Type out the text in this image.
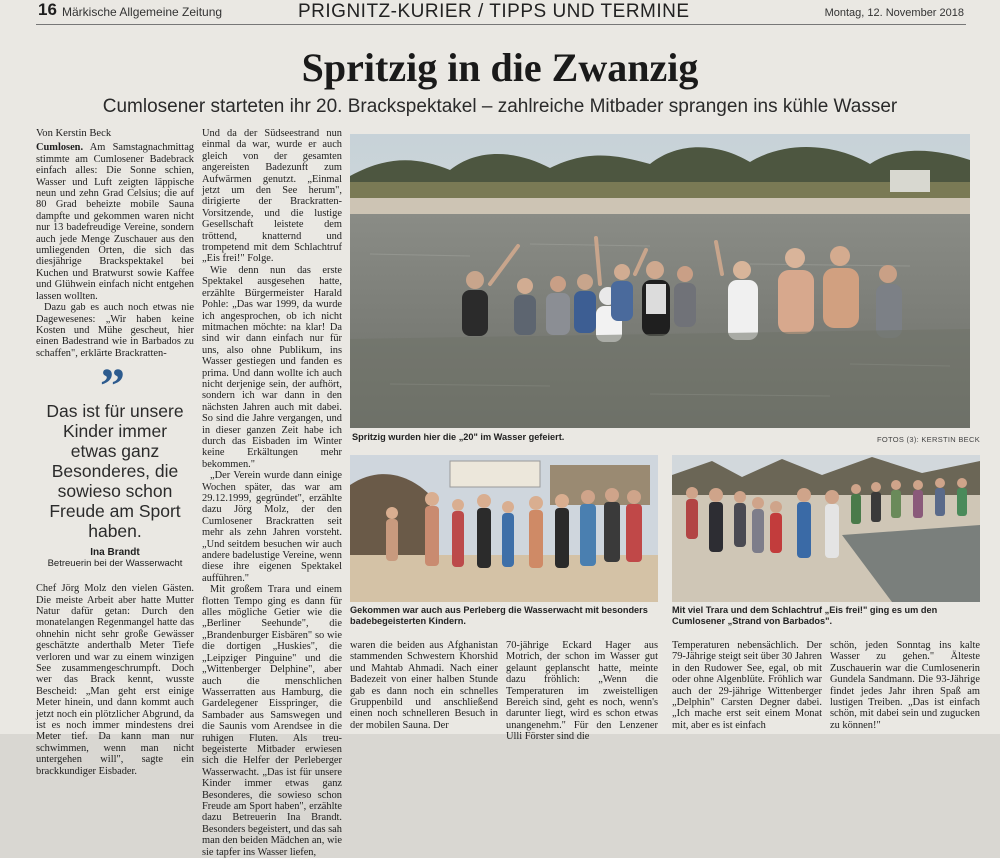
16 Märkische Allgemeine Zeitung	PRIGNITZ-KURIER / TIPPS UND TERMINE	Montag, 12. November 2018
Spritzig in die Zwanzig
Cumlosener starteten ihr 20. Brackspektakel – zahlreiche Mitbader sprangen ins kühle Wasser
Von Kerstin Beck

Cumlosen. Am Samstagnachmittag stimmte am Cumlosener Badebrack einfach alles: Die Sonne schien, Wasser und Luft zeigten läppische neun und zehn Grad Celsius; die auf 80 Grad beheizte mobile Sauna dampfte und gekommen waren nicht nur 13 badefreudige Vereine, sondern auch jede Menge Zuschauer aus den umliegenden Orten, die sich das diesjährige Brackspektakel bei Kuchen und Bratwurst sowie Kaffee und Glühwein einfach nicht entgehen lassen wollten.

Dazu gab es auch noch etwas nie Dagewesenes: „Wir haben keine Kosten und Mühe gescheut, hier einen Badestrand wie in Barbados zu schaffen", erklärte Brackratten-

”
Das ist für unsere Kinder immer etwas ganz Besonderes, die sowieso schon Freude am Sport haben.
Ina Brandt
Betreuerin bei der Wasserwacht

Chef Jörg Molz den vielen Gästen. Die meiste Arbeit aber hatte Mutter Natur dafür getan: Durch den monatelangen Regenmangel hatte das ohnehin nicht sehr große Gewässer geschätzte anderthalb Meter Tiefe verloren und war zu einem winzigen See zusammengeschrumpft. Doch wer das Brack kennt, wusste Bescheid: „Man geht erst einige Meter hinein, und dann kommt auch jetzt noch ein plötzlicher Abgrund, da ist es noch immer mindestens drei Meter tief. Da kann man nur schwimmen, wenn man nicht untergehen will", sagte ein brackkundiger Eisbader.

Und da der Südseestrand nun einmal da war, wurde er auch gleich von der gesamten angereisten Badezunft zum Aufwärmen genutzt. „Einmal jetzt um den See herum", dirigierte der Brackratten-Vorsitzende, und die lustige Gesellschaft leistete dem tröttend, knatternd und trompetend mit dem Schlachtruf „Eis frei!" Folge.

Wie denn nun das erste Spektakel ausgesehen hatte, erzählte Bürgermeister Harald Pohle: „Das war 1999, da wurde ich angesprochen, ob ich nicht mitmachen möchte: na klar! Da sind wir dann einfach nur für uns, also ohne Publikum, ins Wasser gestiegen und fanden es prima. Und dann wollte ich auch nicht derjenige sein, der aufhört, sondern ich war dann in den nächsten Jahren auch mit dabei. So sind die Jahre vergangen, und in dieser ganzen Zeit habe ich durch das Eisbaden im Winter keine Erkältungen mehr bekommen."

„Der Verein wurde dann einige Wochen später, das war am 29.12.1999, gegründet", erzählte dazu Jörg Molz, der den Cumlosener Brackratten seit mehr als zehn Jahren vorsteht. „Und seitdem besuchen wir auch andere badelustige Vereine, wenn diese ihre eigenen Spektakel aufführen."

Mit großem Trara und einem flotten Tempo ging es dann für alles mögliche Getier wie die „Berliner Seehunde", die „Brandenburger Eisbären" so wie die dortigen „Huskies", die „Leipziger Pinguine" und die „Wittenberger Delphine", aber auch die menschlichen Wasserratten aus Hamburg, die Gardelegener Eisspringer, die Sambader aus Samswegen und die Saunis vom Arendsee in die ruhigen Fluten. Als treu-begeisterte Mitbader erwiesen sich die Helfer der Perleberger Wasserwacht. „Das ist für unsere Kinder immer etwas ganz Besonderes, die sowieso schon Freude am Sport haben", erzählte dazu Betreuerin Ina Brandt. Besonders begeistert, und das sah man den beiden Mädchen an, wie sie tapfer ins Wasser liefen,

Spritzig wurden hier die „20" im Wasser gefeiert.	FOTOS (3): KERSTIN BECK
Gekommen war auch aus Perleberg die Wasserwacht mit besonders badebegeisterten Kindern.
Mit viel Trara und dem Schlachtruf „Eis frei!" ging es um den Cumlosener „Strand von Barbados".

waren die beiden aus Afghanistan stammenden Schwestern Khorshid und Mahtab Ahmadi. Nach einer Badezeit von einer halben Stunde gab es dann noch ein schnelles Gruppenbild und anschließend einen noch schnelleren Besuch in der mobilen Sauna. Der

70-jährige Eckard Hager aus Motrich, der schon im Wasser gut gelaunt geplanscht hatte, meinte dazu fröhlich: „Wenn die Temperaturen im zweistelligen Bereich sind, geht es noch, wenn's darunter liegt, wird es schon etwas unangenehm." Für den Lenzener Ulli Förster sind die

Temperaturen nebensächlich. Der 79-Jährige steigt seit über 30 Jahren in den Rudower See, egal, ob mit oder ohne Algenblüte. Fröhlich war auch der 29-jährige Wittenberger „Delphin" Carsten Degner dabei. „Ich mache erst seit einem Monat mit, aber es ist einfach

schön, jeden Sonntag ins kalte Wasser zu gehen." Älteste Zuschauerin war die Cumlosenerin Gundela Sandmann. Die 93-Jährige findet jedes Jahr ihren Spaß am lustigen Treiben. „Das ist einfach schön, mit dabei sein und zugucken zu können!"
